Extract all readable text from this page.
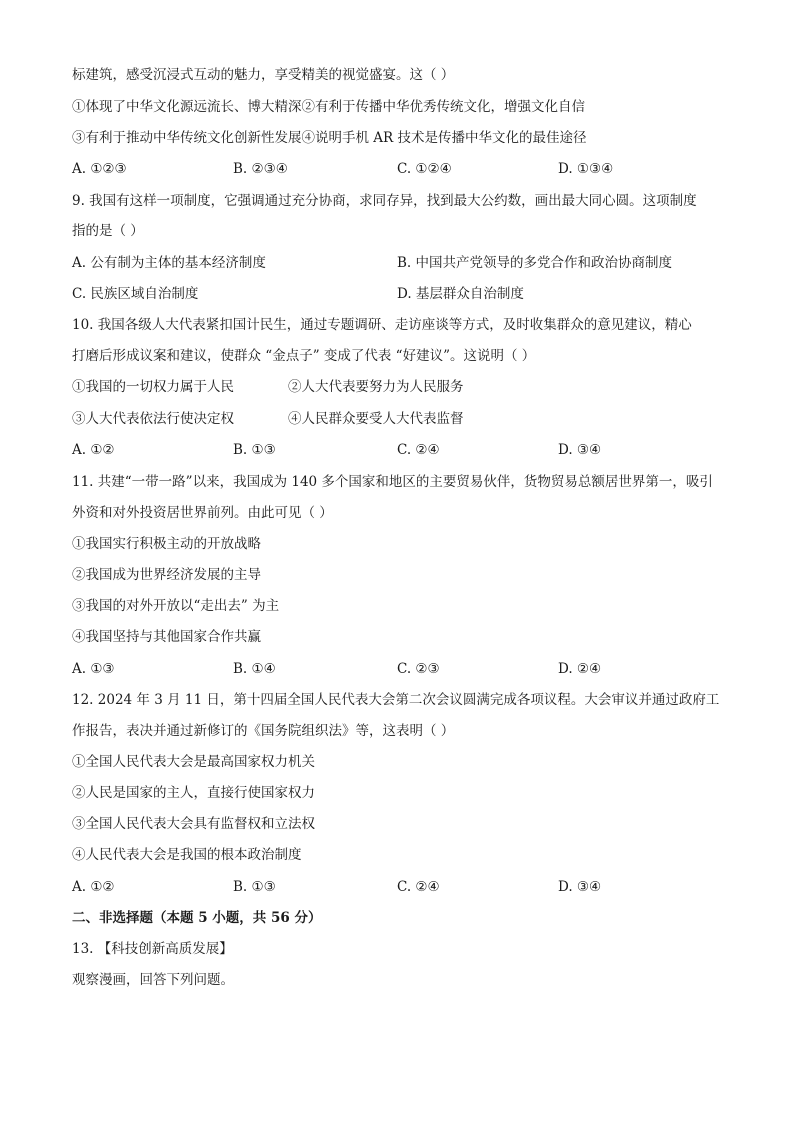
标建筑，感受沉浸式互动的魅力，享受精美的视觉盛宴。这（ ）
①体现了中华文化源远流长、博大精深②有利于传播中华优秀传统文化，增强文化自信
③有利于推动中华传统文化创新性发展④说明手机 AR 技术是传播中华文化的最佳途径
A. ①②③	B. ②③④	C. ①②④	D. ①③④
9. 我国有这样一项制度，它强调通过充分协商，求同存异，找到最大公约数，画出最大同心圆。这项制度
指的是（ ）
A. 公有制为主体的基本经济制度	B. 中国共产党领导的多党合作和政治协商制度
C. 民族区域自治制度	D. 基层群众自治制度
10. 我国各级人大代表紧扣国计民生，通过专题调研、走访座谈等方式，及时收集群众的意见建议，精心
打磨后形成议案和建议，使群众 “金点子” 变成了代表 “好建议”。这说明（ ）
①我国的一切权力属于人民	②人大代表要努力为人民服务
③人大代表依法行使决定权	④人民群众要受人大代表监督
A. ①②	B. ①③	C. ②④	D. ③④
11. 共建“一带一路”以来，我国成为 140 多个国家和地区的主要贸易伙伴，货物贸易总额居世界第一，吸引
外资和对外投资居世界前列。由此可见（ ）
①我国实行积极主动的开放战略
②我国成为世界经济发展的主导
③我国的对外开放以“走出去” 为主
④我国坚持与其他国家合作共赢
A. ①③	B. ①④	C. ②③	D. ②④
12. 2024 年 3 月 11 日，第十四届全国人民代表大会第二次会议圆满完成各项议程。大会审议并通过政府工
作报告，表决并通过新修订的《国务院组织法》等，这表明（ ）
①全国人民代表大会是最高国家权力机关
②人民是国家的主人，直接行使国家权力
③全国人民代表大会具有监督权和立法权
④人民代表大会是我国的根本政治制度
A. ①②	B. ①③	C. ②④	D. ③④
二、非选择题（本题 5 小题，共 56 分）
13. 【科技创新高质发展】
观察漫画，回答下列问题。
